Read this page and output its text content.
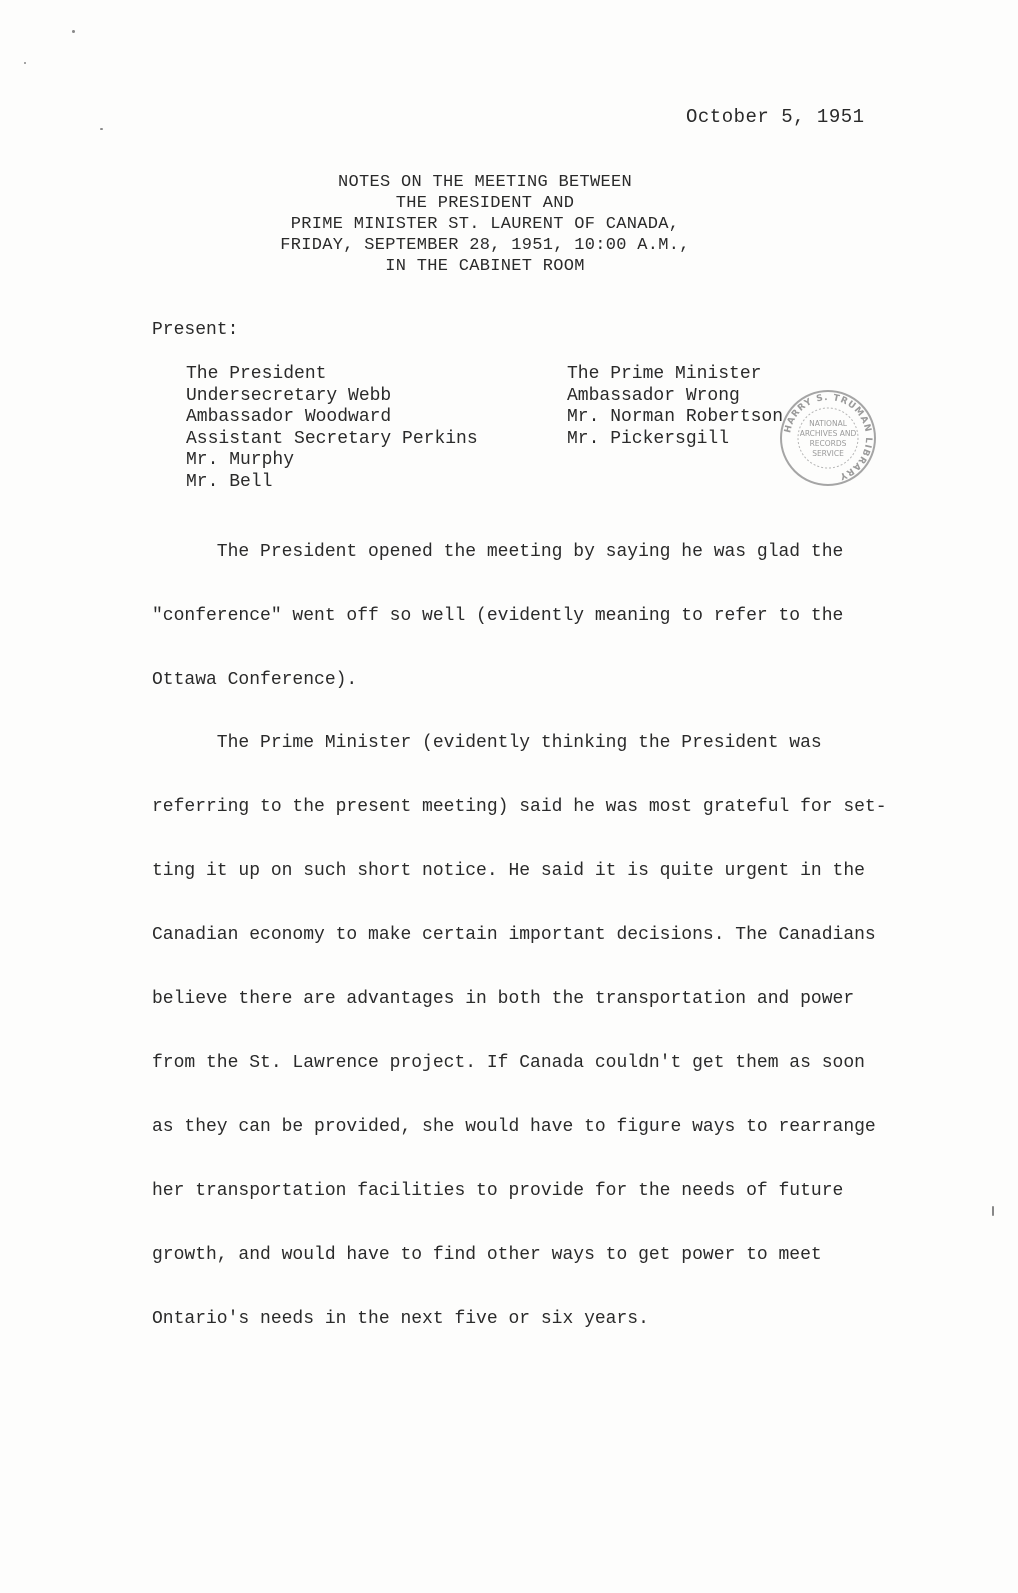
October 5, 1951
NOTES ON THE MEETING BETWEEN
THE PRESIDENT AND
PRIME MINISTER ST. LAURENT OF CANADA,
FRIDAY, SEPTEMBER 28, 1951, 10:00 A.M.,
IN THE CABINET ROOM
Present:
The President
Undersecretary Webb
Ambassador Woodward
Assistant Secretary Perkins
Mr. Murphy
Mr. Bell
The Prime Minister
Ambassador Wrong
Mr. Norman Robertson
Mr. Pickersgill	HARRY S. TRUMAN LIBRARY
NATIONAL
ARCHIVES AND
RECORDS
SERVICE
The President opened the meeting by saying he was glad the
"conference" went off so well (evidently meaning to refer to the
Ottawa Conference).
The Prime Minister (evidently thinking the President was
referring to the present meeting) said he was most grateful for set-
ting it up on such short notice. He said it is quite urgent in the
Canadian economy to make certain important decisions. The Canadians
believe there are advantages in both the transportation and power
from the St. Lawrence project. If Canada couldn't get them as soon
as they can be provided, she would have to figure ways to rearrange
her transportation facilities to provide for the needs of future
growth, and would have to find other ways to get power to meet
Ontario's needs in the next five or six years.
